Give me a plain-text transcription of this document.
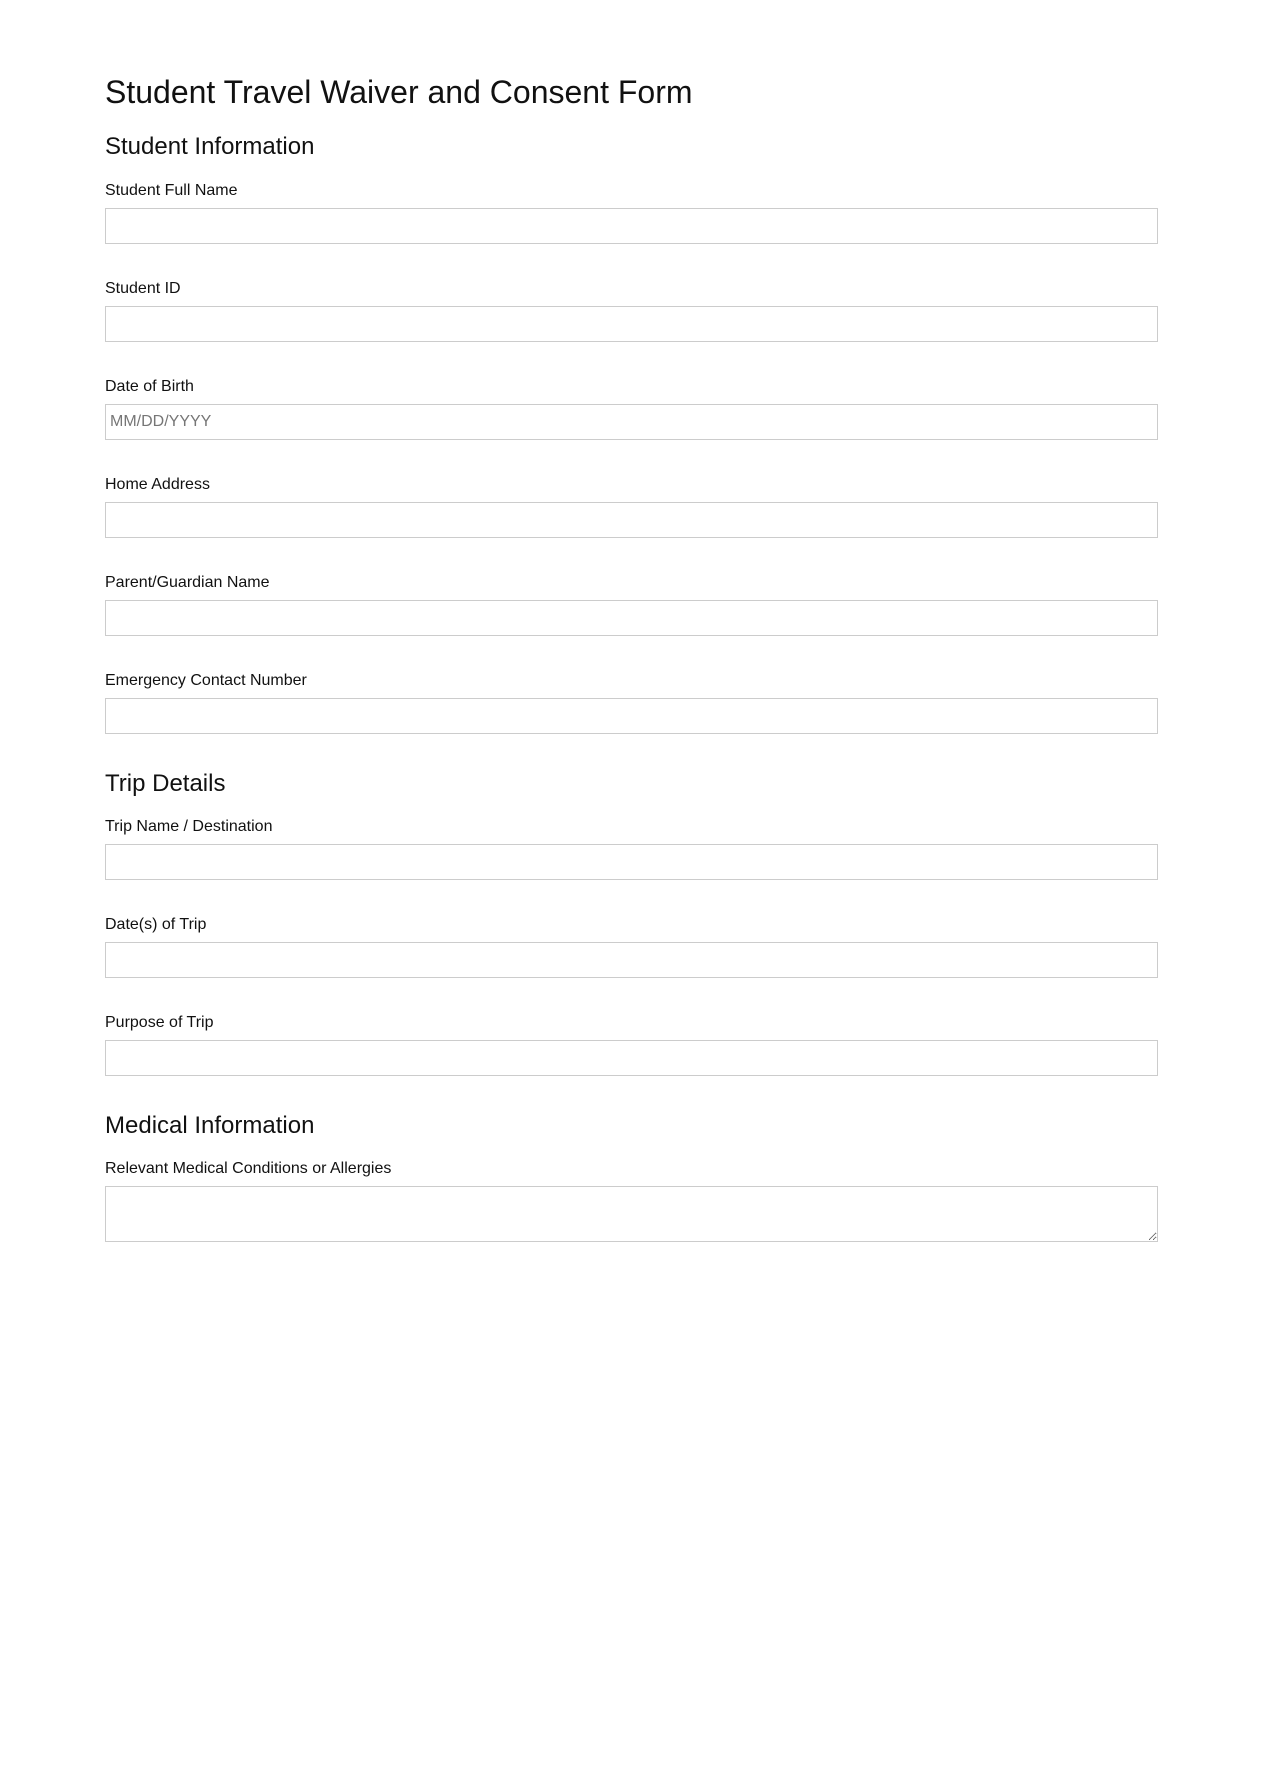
Student Travel Waiver and Consent Form
Student Information
Student Full Name
Student ID
Date of Birth
MM/DD/YYYY
Home Address
Parent/Guardian Name
Emergency Contact Number
Trip Details
Trip Name / Destination
Date(s) of Trip
Purpose of Trip
Medical Information
Relevant Medical Conditions or Allergies
